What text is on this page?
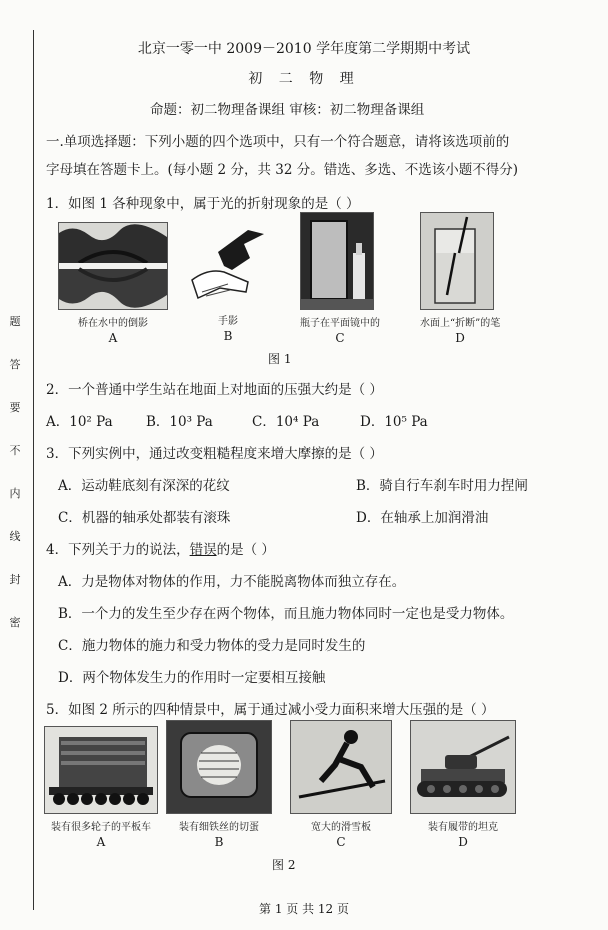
题
答
要
不
内
线
封
密
北京一零一中 2009－2010 学年度第二学期期中考试
初 二 物 理
命题：初二物理备课组 审核：初二物理备课组
一.单项选择题：下列小题的四个选项中，只有一个符合题意，请将该选项前的
字母填在答题卡上。(每小题 2 分，共 32 分。错选、多选、不选该小题不得分)
1．如图 1 各种现象中，属于光的折射现象的是（ ）
桥在水中的倒影
A
手影
B
瓶子在平面镜中的
C
水面上“折断”的笔
D
图 1
2．一个普通中学生站在地面上对地面的压强大约是（ ）
A．10² Pa B．10³ Pa	C．10⁴ Pa	D．10⁵ Pa
3．下列实例中，通过改变粗糙程度来增大摩擦的是（ ）
A．运动鞋底刻有深深的花纹	B．骑自行车刹车时用力捏闸
C．机器的轴承处都装有滚珠	D．在轴承上加润滑油
4．下列关于力的说法，错误的是（ ）
A．力是物体对物体的作用，力不能脱离物体而独立存在。
B．一个力的发生至少存在两个物体，而且施力物体同时一定也是受力物体。
C．施力物体的施力和受力物体的受力是同时发生的
D．两个物体发生力的作用时一定要相互接触
5．如图 2 所示的四种情景中，属于通过减小受力面积来增大压强的是（ ）
装有很多轮子的平板车
A
装有细铁丝的切蛋
B
宽大的滑雪板
C
装有履带的坦克
D
图 2
第 1 页 共 12 页
